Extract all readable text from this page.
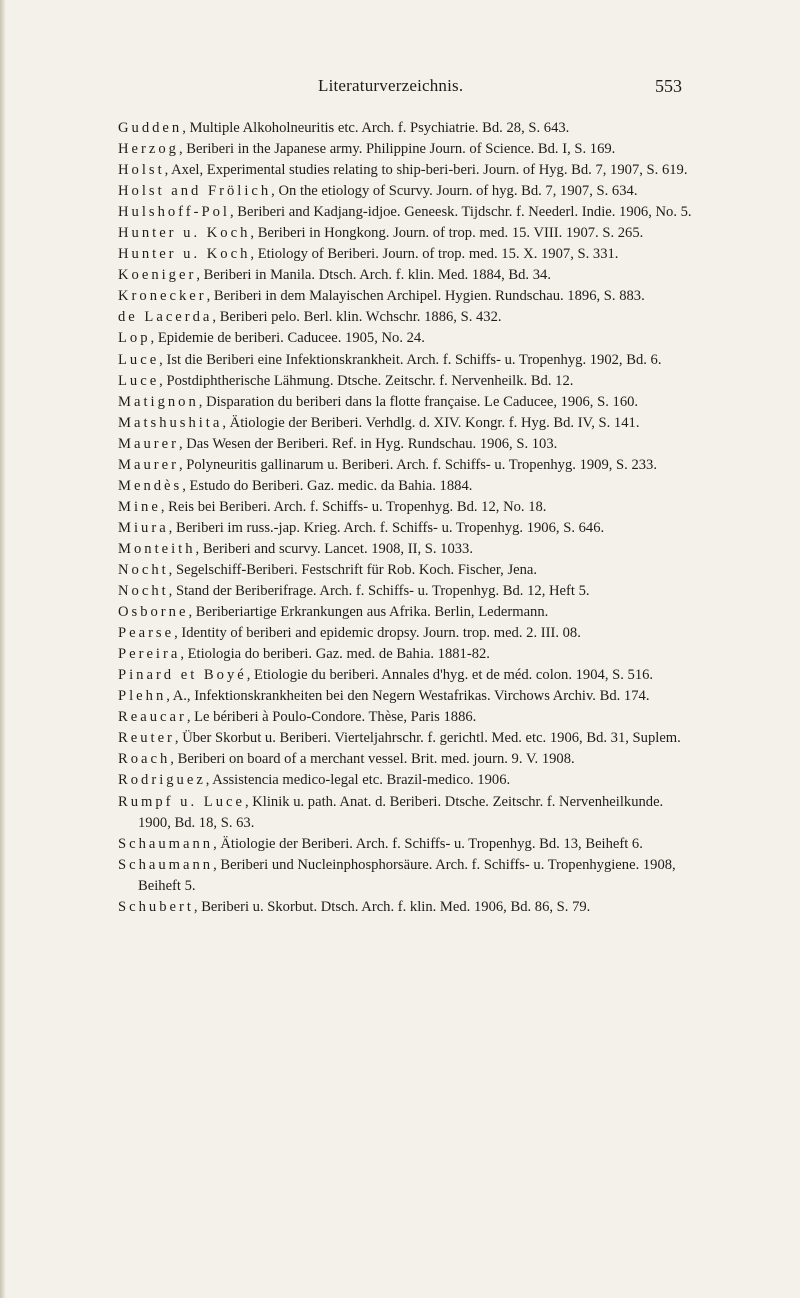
Literaturverzeichnis.	553
Gudden, Multiple Alkoholneuritis etc. Arch. f. Psychiatrie. Bd. 28, S. 643.
Herzog, Beriberi in the Japanese army. Philippine Journ. of Science. Bd. I, S. 169.
Holst, Axel, Experimental studies relating to ship-beri-beri. Journ. of Hyg. Bd. 7, 1907, S. 619.
Holst and Frölich, On the etiology of Scurvy. Journ. of hyg. Bd. 7, 1907, S. 634.
Hulshoff-Pol, Beriberi and Kadjang-idjoe. Geneesk. Tijdschr. f. Neederl. Indie. 1906, No. 5.
Hunter u. Koch, Beriberi in Hongkong. Journ. of trop. med. 15. VIII. 1907. S. 265.
Hunter u. Koch, Etiology of Beriberi. Journ. of trop. med. 15. X. 1907, S. 331.
Koeniger, Beriberi in Manila. Dtsch. Arch. f. klin. Med. 1884, Bd. 34.
Kronecker, Beriberi in dem Malayischen Archipel. Hygien. Rundschau. 1896, S. 883.
de Lacerda, Beriberi pelo. Berl. klin. Wchschr. 1886, S. 432.
Lop, Epidemie de beriberi. Caducee. 1905, No. 24.
Luce, Ist die Beriberi eine Infektionskrankheit. Arch. f. Schiffs- u. Tropenhyg. 1902, Bd. 6.
Luce, Postdiphtherische Lähmung. Dtsche. Zeitschr. f. Nervenheilk. Bd. 12.
Matignon, Disparation du beriberi dans la flotte française. Le Caducee, 1906, S. 160.
Matshushita, Ätiologie der Beriberi. Verhdlg. d. XIV. Kongr. f. Hyg. Bd. IV, S. 141.
Maurer, Das Wesen der Beriberi. Ref. in Hyg. Rundschau. 1906, S. 103.
Maurer, Polyneuritis gallinarum u. Beriberi. Arch. f. Schiffs- u. Tropenhyg. 1909, S. 233.
Mendès, Estudo do Beriberi. Gaz. medic. da Bahia. 1884.
Mine, Reis bei Beriberi. Arch. f. Schiffs- u. Tropenhyg. Bd. 12, No. 18.
Miura, Beriberi im russ.-jap. Krieg. Arch. f. Schiffs- u. Tropenhyg. 1906, S. 646.
Monteith, Beriberi and scurvy. Lancet. 1908, II, S. 1033.
Nocht, Segelschiff-Beriberi. Festschrift für Rob. Koch. Fischer, Jena.
Nocht, Stand der Beriberifrage. Arch. f. Schiffs- u. Tropenhyg. Bd. 12, Heft 5.
Osborne, Beriberiartige Erkrankungen aus Afrika. Berlin, Ledermann.
Pearse, Identity of beriberi and epidemic dropsy. Journ. trop. med. 2. III. 08.
Pereira, Etiologia do beriberi. Gaz. med. de Bahia. 1881-82.
Pinard et Boyé, Etiologie du beriberi. Annales d'hyg. et de méd. colon. 1904, S. 516.
Plehn, A., Infektionskrankheiten bei den Negern Westafrikas. Virchows Archiv. Bd. 174.
Reaucar, Le bériberi à Poulo-Condore. Thèse, Paris 1886.
Reuter, Über Skorbut u. Beriberi. Vierteljahrschr. f. gerichtl. Med. etc. 1906, Bd. 31, Suplem.
Roach, Beriberi on board of a merchant vessel. Brit. med. journ. 9. V. 1908.
Rodriguez, Assistencia medico-legal etc. Brazil-medico. 1906.
Rumpf u. Luce, Klinik u. path. Anat. d. Beriberi. Dtsche. Zeitschr. f. Nervenheilkunde. 1900, Bd. 18, S. 63.
Schaumann, Ätiologie der Beriberi. Arch. f. Schiffs- u. Tropenhyg. Bd. 13, Beiheft 6.
Schaumann, Beriberi und Nucleinphosphorsäure. Arch. f. Schiffs- u. Tropenhygiene. 1908, Beiheft 5.
Schubert, Beriberi u. Skorbut. Dtsch. Arch. f. klin. Med. 1906, Bd. 86, S. 79.
